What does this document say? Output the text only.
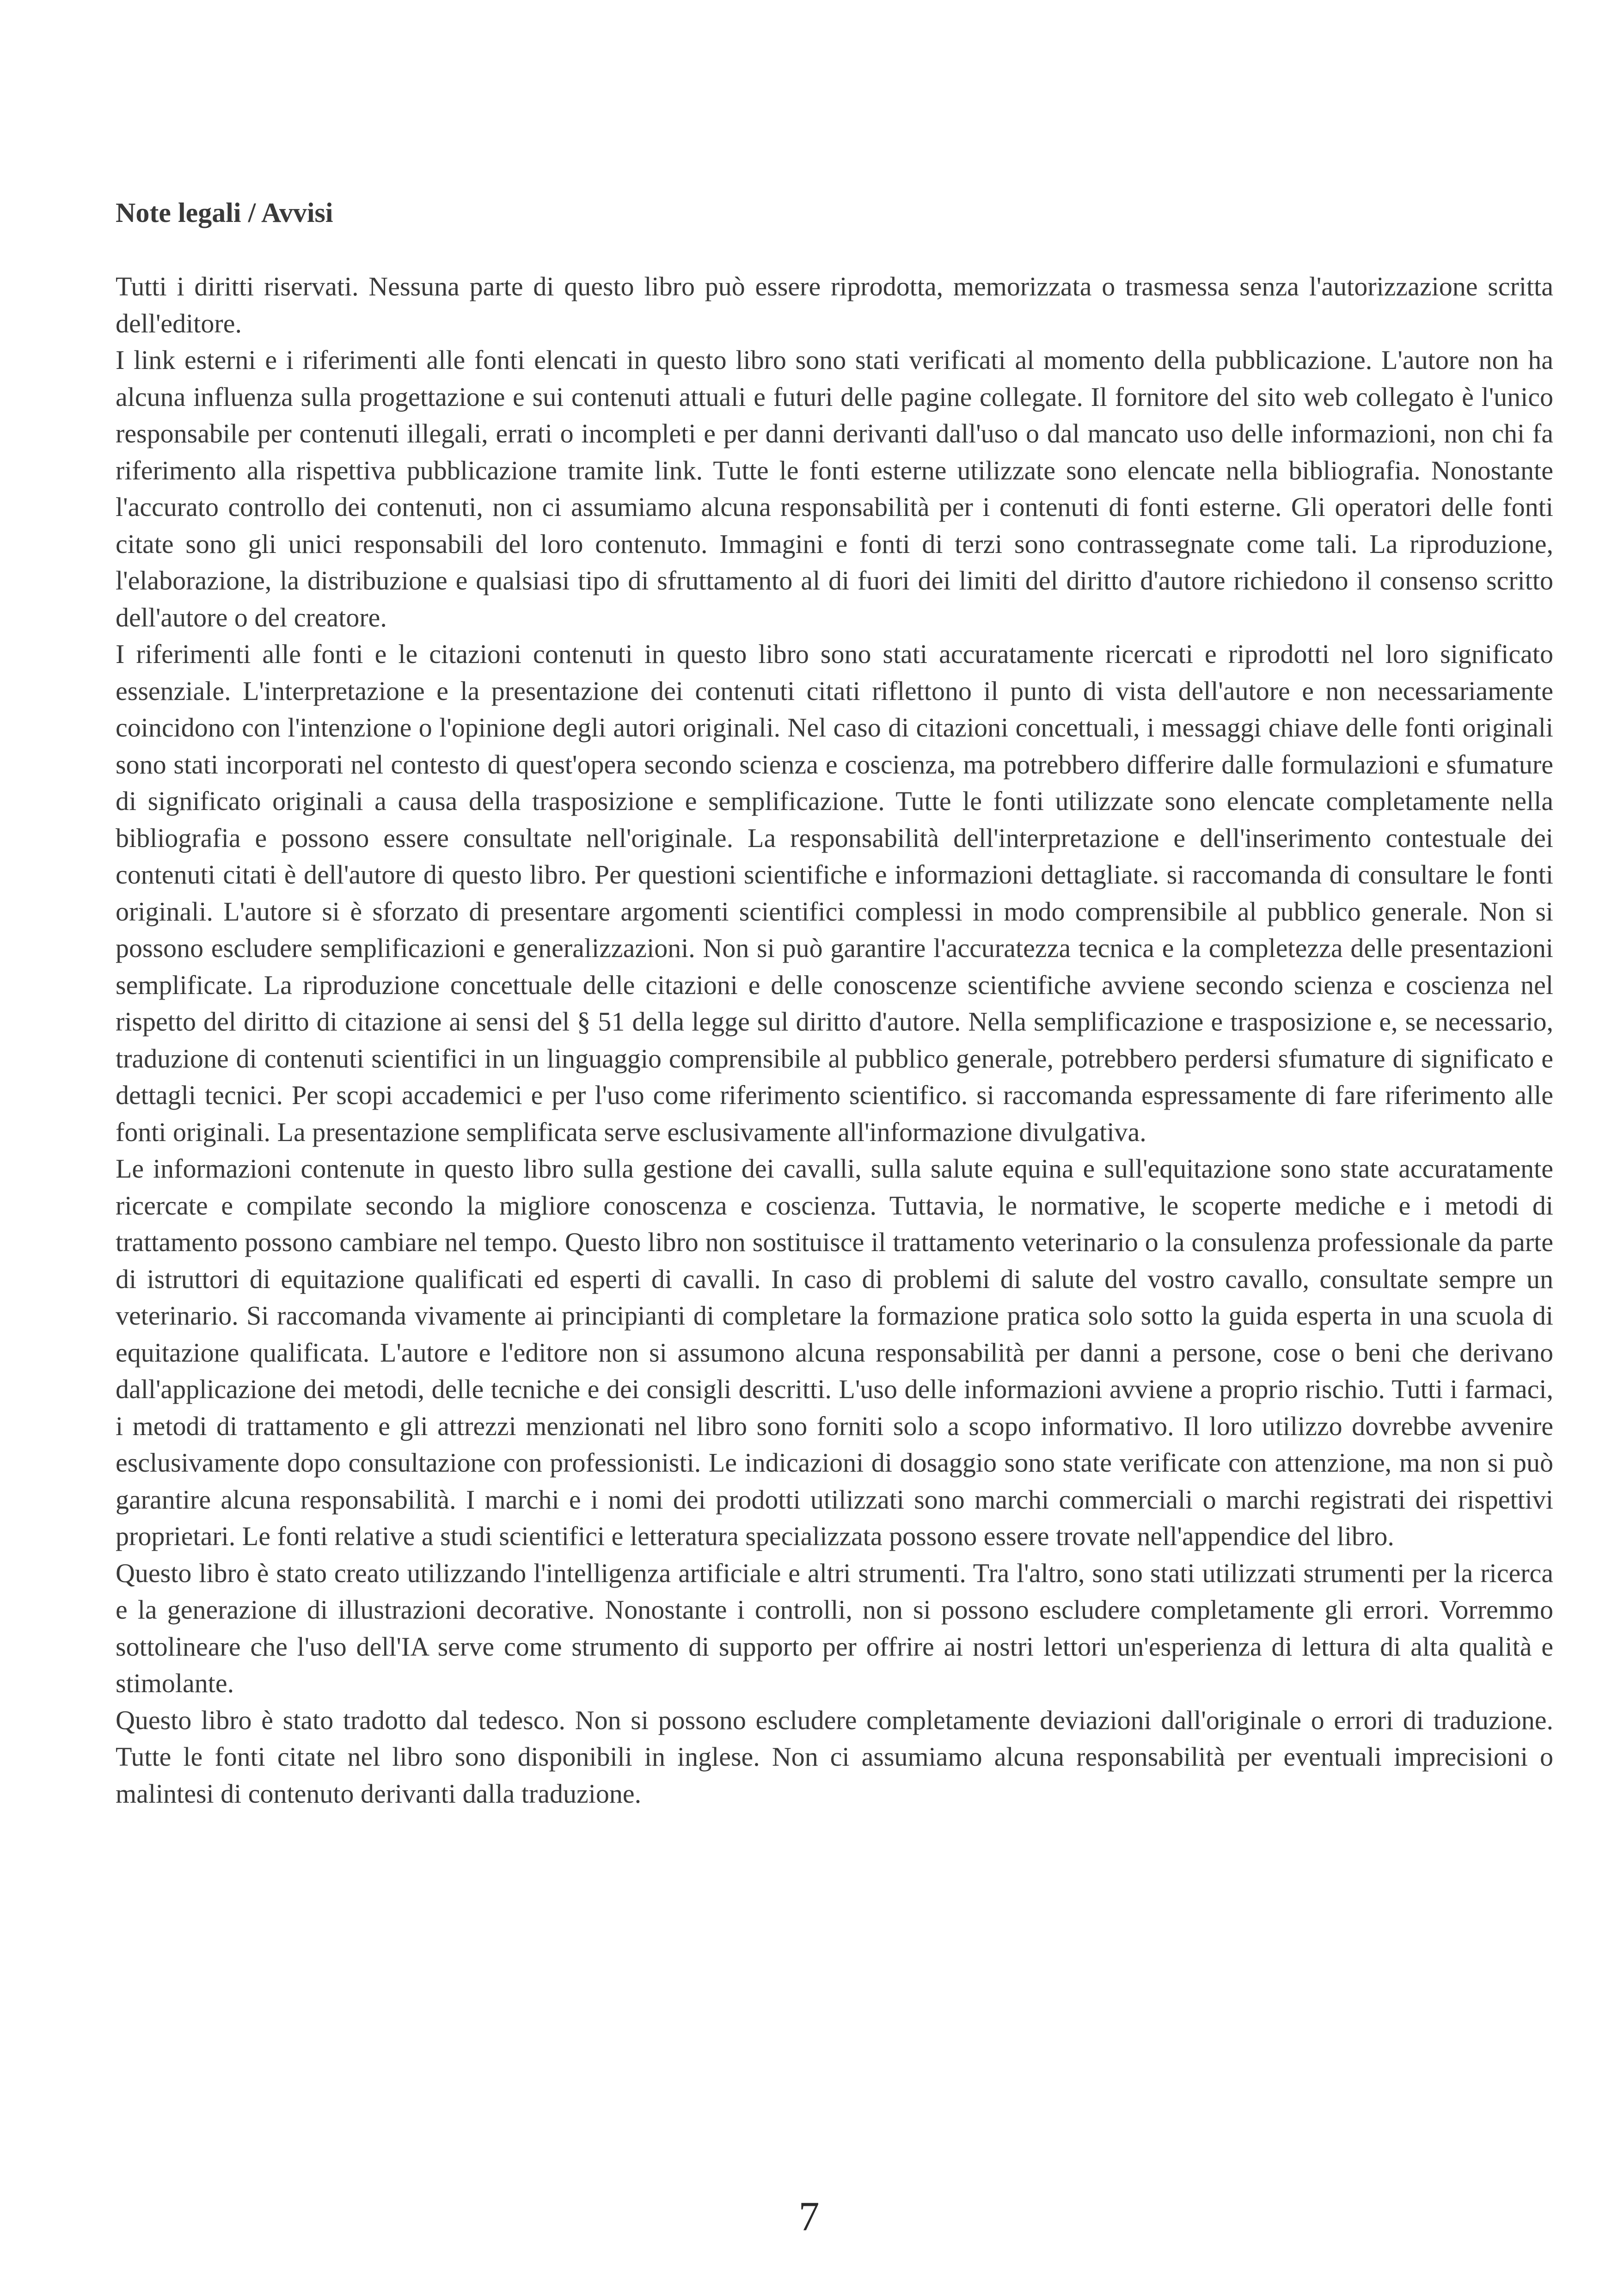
Note legali / Avvisi

Tutti i diritti riservati. Nessuna parte di questo libro può essere riprodotta, memorizzata o trasmessa senza l'autorizzazione scritta dell'editore.

I link esterni e i riferimenti alle fonti elencati in questo libro sono stati verificati al momento della pubblicazione. L'autore non ha alcuna influenza sulla progettazione e sui contenuti attuali e futuri delle pagine collegate. Il fornitore del sito web collegato è l'unico responsabile per contenuti illegali, errati o incompleti e per danni derivanti dall'uso o dal mancato uso delle informazioni, non chi fa riferimento alla rispettiva pubblicazione tramite link. Tutte le fonti esterne utilizzate sono elencate nella bibliografia. Nonostante l'accurato controllo dei contenuti, non ci assumiamo alcuna responsabilità per i contenuti di fonti esterne. Gli operatori delle fonti citate sono gli unici responsabili del loro contenuto. Immagini e fonti di terzi sono contrassegnate come tali. La riproduzione, l'elaborazione, la distribuzione e qualsiasi tipo di sfruttamento al di fuori dei limiti del diritto d'autore richiedono il consenso scritto dell'autore o del creatore.

I riferimenti alle fonti e le citazioni contenuti in questo libro sono stati accuratamente ricercati e riprodotti nel loro significato essenziale. L'interpretazione e la presentazione dei contenuti citati riflettono il punto di vista dell'autore e non necessariamente coincidono con l'intenzione o l'opinione degli autori originali. Nel caso di citazioni concettuali, i messaggi chiave delle fonti originali sono stati incorporati nel contesto di quest'opera secondo scienza e coscienza, ma potrebbero differire dalle formulazioni e sfumature di significato originali a causa della trasposizione e semplificazione. Tutte le fonti utilizzate sono elencate completamente nella bibliografia e possono essere consultate nell'originale. La responsabilità dell'interpretazione e dell'inserimento contestuale dei contenuti citati è dell'autore di questo libro. Per questioni scientifiche e informazioni dettagliate. si raccomanda di consultare le fonti originali. L'autore si è sforzato di presentare argomenti scientifici complessi in modo comprensibile al pubblico generale. Non si possono escludere semplificazioni e generalizzazioni. Non si può garantire l'accuratezza tecnica e la completezza delle presentazioni semplificate. La riproduzione concettuale delle citazioni e delle conoscenze scientifiche avviene secondo scienza e coscienza nel rispetto del diritto di citazione ai sensi del § 51 della legge sul diritto d'autore. Nella semplificazione e trasposizione e, se necessario, traduzione di contenuti scientifici in un linguaggio comprensibile al pubblico generale, potrebbero perdersi sfumature di significato e dettagli tecnici. Per scopi accademici e per l'uso come riferimento scientifico. si raccomanda espressamente di fare riferimento alle fonti originali. La presentazione semplificata serve esclusivamente all'informazione divulgativa.

Le informazioni contenute in questo libro sulla gestione dei cavalli, sulla salute equina e sull'equitazione sono state accuratamente ricercate e compilate secondo la migliore conoscenza e coscienza. Tuttavia, le normative, le scoperte mediche e i metodi di trattamento possono cambiare nel tempo. Questo libro non sostituisce il trattamento veterinario o la consulenza professionale da parte di istruttori di equitazione qualificati ed esperti di cavalli. In caso di problemi di salute del vostro cavallo, consultate sempre un veterinario. Si raccomanda vivamente ai principianti di completare la formazione pratica solo sotto la guida esperta in una scuola di equitazione qualificata. L'autore e l'editore non si assumono alcuna responsabilità per danni a persone, cose o beni che derivano dall'applicazione dei metodi, delle tecniche e dei consigli descritti. L'uso delle informazioni avviene a proprio rischio. Tutti i farmaci, i metodi di trattamento e gli attrezzi menzionati nel libro sono forniti solo a scopo informativo. Il loro utilizzo dovrebbe avvenire esclusivamente dopo consultazione con professionisti. Le indicazioni di dosaggio sono state verificate con attenzione, ma non si può garantire alcuna responsabilità. I marchi e i nomi dei prodotti utilizzati sono marchi commerciali o marchi registrati dei rispettivi proprietari. Le fonti relative a studi scientifici e letteratura specializzata possono essere trovate nell'appendice del libro.

Questo libro è stato creato utilizzando l'intelligenza artificiale e altri strumenti. Tra l'altro, sono stati utilizzati strumenti per la ricerca e la generazione di illustrazioni decorative. Nonostante i controlli, non si possono escludere completamente gli errori. Vorremmo sottolineare che l'uso dell'IA serve come strumento di supporto per offrire ai nostri lettori un'esperienza di lettura di alta qualità e stimolante.

Questo libro è stato tradotto dal tedesco. Non si possono escludere completamente deviazioni dall'originale o errori di traduzione. Tutte le fonti citate nel libro sono disponibili in inglese. Non ci assumiamo alcuna responsabilità per eventuali imprecisioni o malintesi di contenuto derivanti dalla traduzione.

7
